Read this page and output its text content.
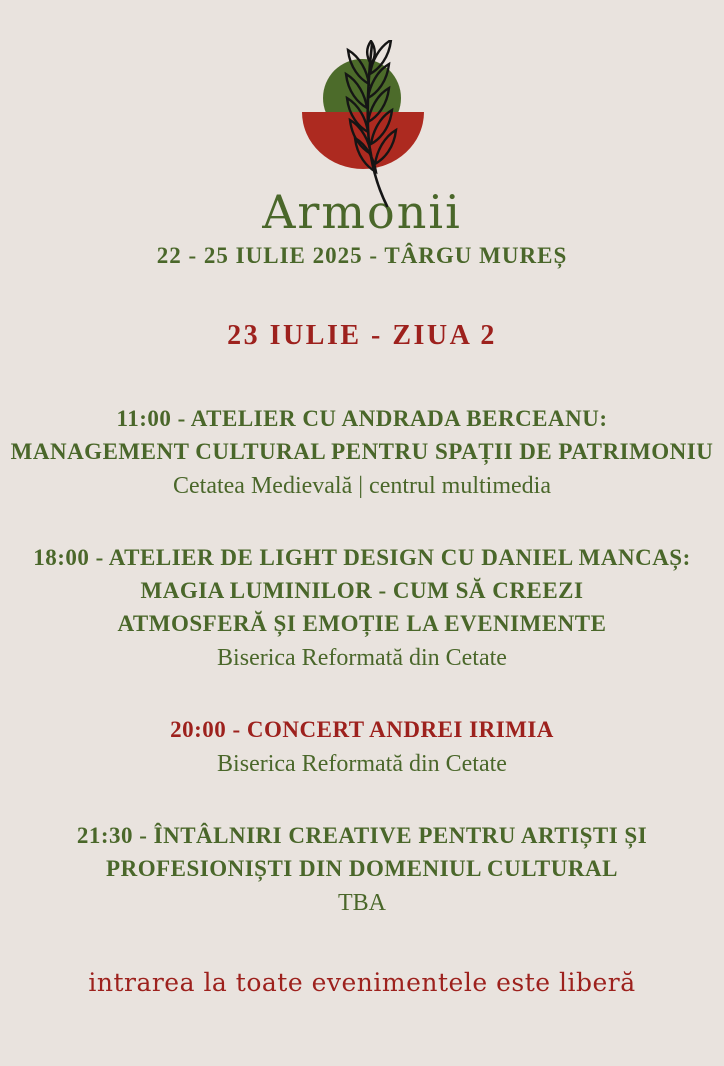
Armonii
22 - 25 IULIE 2025 - TÂRGU MUREȘ
23 IULIE - ZIUA 2
11:00 - ATELIER CU ANDRADA BERCEANU:
MANAGEMENT CULTURAL PENTRU SPAȚII DE PATRIMONIU
Cetatea Medievală | centrul multimedia
18:00 - ATELIER DE LIGHT DESIGN CU DANIEL MANCAȘ:
MAGIA LUMINILOR - CUM SĂ CREEZI
ATMOSFERĂ ȘI EMOȚIE LA EVENIMENTE
Biserica Reformată din Cetate
20:00 - CONCERT ANDREI IRIMIA
Biserica Reformată din Cetate
21:30 - ÎNTÂLNIRI CREATIVE PENTRU ARTIȘTI ȘI
PROFESIONIȘTI DIN DOMENIUL CULTURAL
TBA
intrarea la toate evenimentele este liberă
